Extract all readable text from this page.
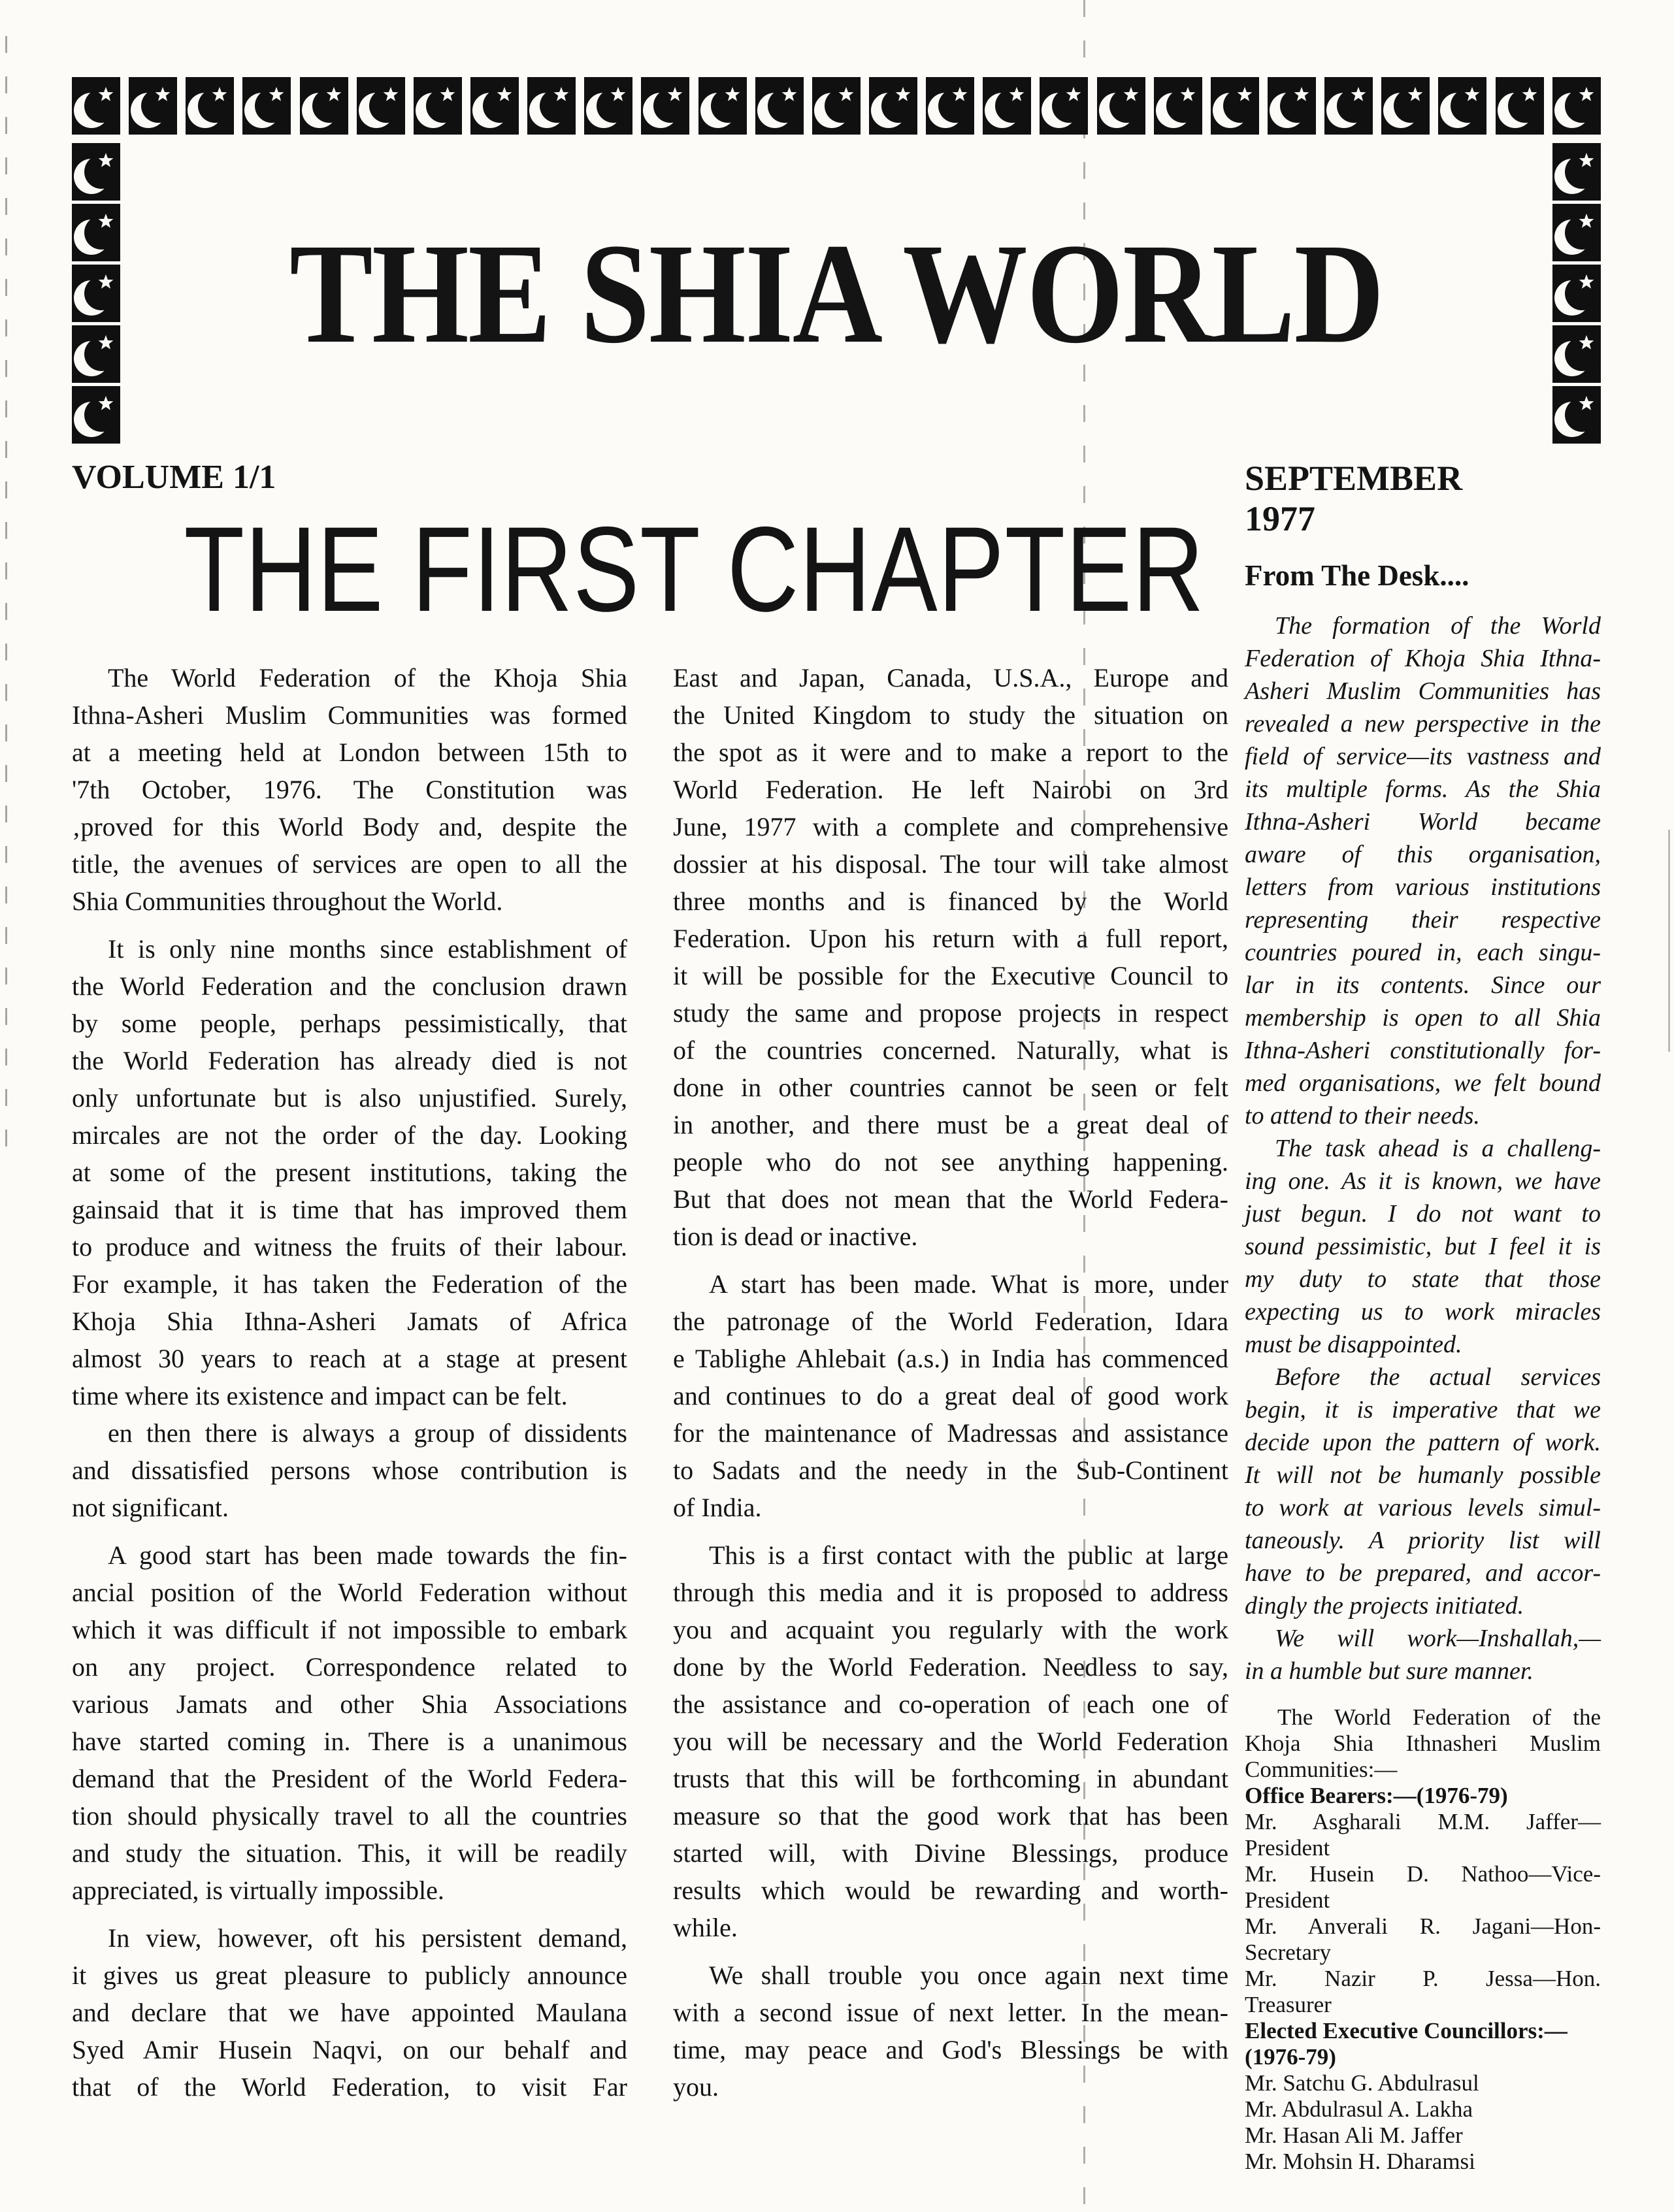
THE SHIA WORLD
VOLUME 1/1
THE FIRST CHAPTER
The World Federation of the Khoja Shia
Ithna-Asheri Muslim Communities was formed
at a meeting held at London between 15th to
'7th October, 1976. The Constitution was
‚proved for this World Body and, despite the
title, the avenues of services are open to all the
Shia Communities throughout the World.
It is only nine months since establishment of
the World Federation and the conclusion drawn
by some people, perhaps pessimistically, that
the World Federation has already died is not
only unfortunate but is also unjustified. Surely,
mircales are not the order of the day. Looking
at some of the present institutions, taking the
gainsaid that it is time that has improved them
to produce and witness the fruits of their labour.
For example, it has taken the Federation of the
Khoja Shia Ithna-Asheri Jamats of Africa
almost 30 years to reach at a stage at present
time where its existence and impact can be felt.
en then there is always a group of dissidents
and dissatisfied persons whose contribution is
not significant.
A good start has been made towards the fin-
ancial position of the World Federation without
which it was difficult if not impossible to embark
on any project. Correspondence related to
various Jamats and other Shia Associations
have started coming in. There is a unanimous
demand that the President of the World Federa-
tion should physically travel to all the countries
and study the situation. This, it will be readily
appreciated, is virtually impossible.
In view, however, oft his persistent demand,
it gives us great pleasure to publicly announce
and declare that we have appointed Maulana
Syed Amir Husein Naqvi, on our behalf and
that of the World Federation, to visit Far
East and Japan, Canada, U.S.A., Europe and
the United Kingdom to study the situation on
the spot as it were and to make a report to the
World Federation. He left Nairobi on 3rd
June, 1977 with a complete and comprehensive
dossier at his disposal. The tour will take almost
three months and is financed by the World
Federation. Upon his return with a full report,
it will be possible for the Executive Council to
study the same and propose projects in respect
of the countries concerned. Naturally, what is
done in other countries cannot be seen or felt
in another, and there must be a great deal of
people who do not see anything happening.
But that does not mean that the World Federa-
tion is dead or inactive.
A start has been made. What is more, under
the patronage of the World Federation, Idara
e Tablighe Ahlebait (a.s.) in India has commenced
and continues to do a great deal of good work
for the maintenance of Madressas and assistance
to Sadats and the needy in the Sub-Continent
of India.
This is a first contact with the public at large
through this media and it is proposed to address
you and acquaint you regularly with the work
done by the World Federation. Needless to say,
the assistance and co-operation of each one of
you will be necessary and the World Federation
trusts that this will be forthcoming in abundant
measure so that the good work that has been
started will, with Divine Blessings, produce
results which would be rewarding and worth-
while.
We shall trouble you once again next time
with a second issue of next letter. In the mean-
time, may peace and God's Blessings be with
you.
SEPTEMBER 1977
From The Desk....
The formation of the World
Federation of Khoja Shia Ithna-
Asheri Muslim Communities has
revealed a new perspective in the
field of service—its vastness and
its multiple forms. As the Shia
Ithna-Asheri World became
aware of this organisation,
letters from various institutions
representing their respective
countries poured in, each singu-
lar in its contents. Since our
membership is open to all Shia
Ithna-Asheri constitutionally for-
med organisations, we felt bound
to attend to their needs.
The task ahead is a challeng-
ing one. As it is known, we have
just begun. I do not want to
sound pessimistic, but I feel it is
my duty to state that those
expecting us to work miracles
must be disappointed.
Before the actual services
begin, it is imperative that we
decide upon the pattern of work.
It will not be humanly possible
to work at various levels simul-
taneously. A priority list will
have to be prepared, and accor-
dingly the projects initiated.
We will work—Inshallah,—
in a humble but sure manner.
The World Federation of the
Khoja Shia Ithnasheri Muslim
Communities:—
Office Bearers:—(1976-79)
Mr. Asgharali M.M. Jaffer—
President
Mr. Husein D. Nathoo—Vice-
President
Mr. Anverali R. Jagani—Hon-
Secretary
Mr. Nazir P. Jessa—Hon.
Treasurer
Elected Executive Councillors:—
(1976-79)
Mr. Satchu G. Abdulrasul
Mr. Abdulrasul A. Lakha
Mr. Hasan Ali M. Jaffer
Mr. Mohsin H. Dharamsi
